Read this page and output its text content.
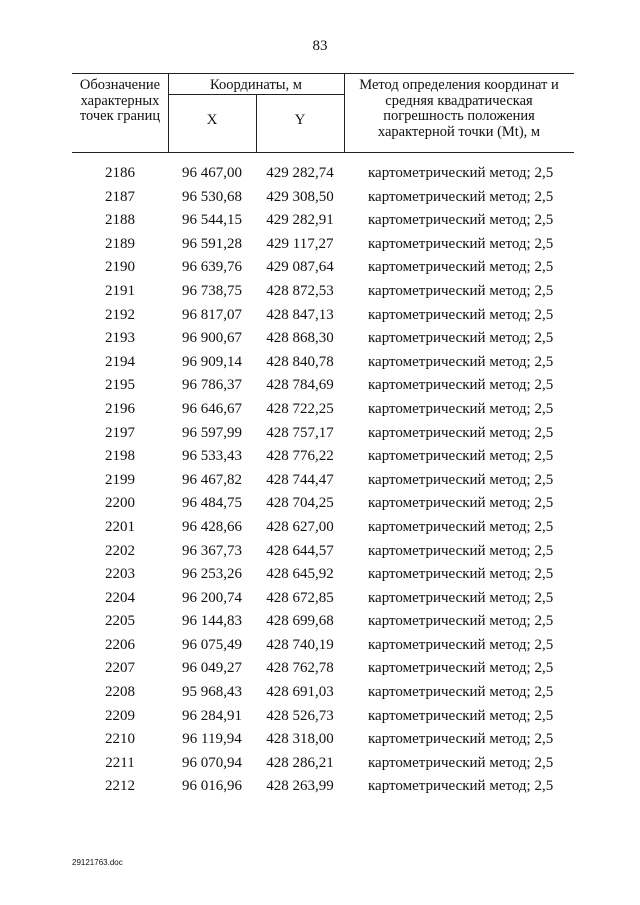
83
Обозначение характерных точек границ
Координаты, м
X	Y
Метод определения координат и средняя квадратическая погрешность положения характерной точки (Mt), м
2186	96 467,00	429 282,74	картометрический метод; 2,5
2187	96 530,68	429 308,50	картометрический метод; 2,5
2188	96 544,15	429 282,91	картометрический метод; 2,5
2189	96 591,28	429 117,27	картометрический метод; 2,5
2190	96 639,76	429 087,64	картометрический метод; 2,5
2191	96 738,75	428 872,53	картометрический метод; 2,5
2192	96 817,07	428 847,13	картометрический метод; 2,5
2193	96 900,67	428 868,30	картометрический метод; 2,5
2194	96 909,14	428 840,78	картометрический метод; 2,5
2195	96 786,37	428 784,69	картометрический метод; 2,5
2196	96 646,67	428 722,25	картометрический метод; 2,5
2197	96 597,99	428 757,17	картометрический метод; 2,5
2198	96 533,43	428 776,22	картометрический метод; 2,5
2199	96 467,82	428 744,47	картометрический метод; 2,5
2200	96 484,75	428 704,25	картометрический метод; 2,5
2201	96 428,66	428 627,00	картометрический метод; 2,5
2202	96 367,73	428 644,57	картометрический метод; 2,5
2203	96 253,26	428 645,92	картометрический метод; 2,5
2204	96 200,74	428 672,85	картометрический метод; 2,5
2205	96 144,83	428 699,68	картометрический метод; 2,5
2206	96 075,49	428 740,19	картометрический метод; 2,5
2207	96 049,27	428 762,78	картометрический метод; 2,5
2208	95 968,43	428 691,03	картометрический метод; 2,5
2209	96 284,91	428 526,73	картометрический метод; 2,5
2210	96 119,94	428 318,00	картометрический метод; 2,5
2211	96 070,94	428 286,21	картометрический метод; 2,5
2212	96 016,96	428 263,99	картометрический метод; 2,5
29121763.doc
